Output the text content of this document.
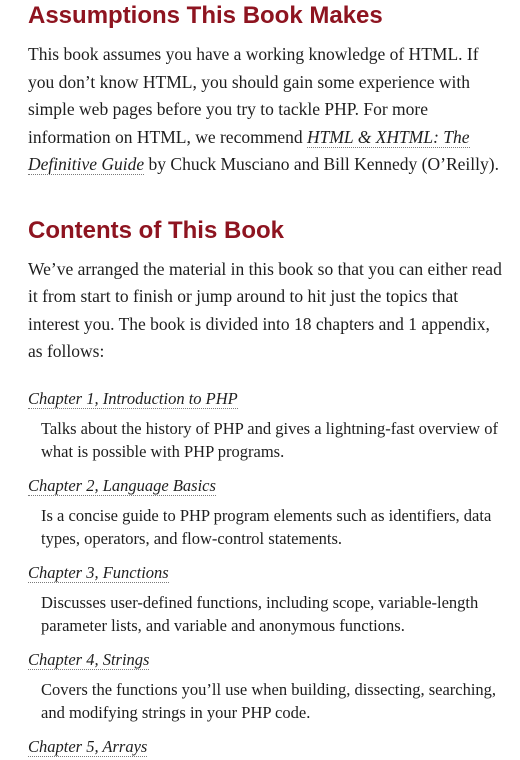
Assumptions This Book Makes

This book assumes you have a working knowledge of HTML. If you don’t know HTML, you should gain some experience with simple web pages before you try to tackle PHP. For more information on HTML, we recommend HTML & XHTML: The Definitive Guide by Chuck Musciano and Bill Kennedy (O’Reilly).

Contents of This Book

We’ve arranged the material in this book so that you can either read it from start to finish or jump around to hit just the topics that interest you. The book is divided into 18 chapters and 1 appendix, as follows:

Chapter 1, Introduction to PHP
Talks about the history of PHP and gives a lightning-fast overview of what is possible with PHP programs.
Chapter 2, Language Basics
Is a concise guide to PHP program elements such as identifiers, data types, operators, and flow-control statements.
Chapter 3, Functions
Discusses user-defined functions, including scope, variable-length parameter lists, and variable and anonymous functions.
Chapter 4, Strings
Covers the functions you’ll use when building, dissecting, searching, and modifying strings in your PHP code.
Chapter 5, Arrays
